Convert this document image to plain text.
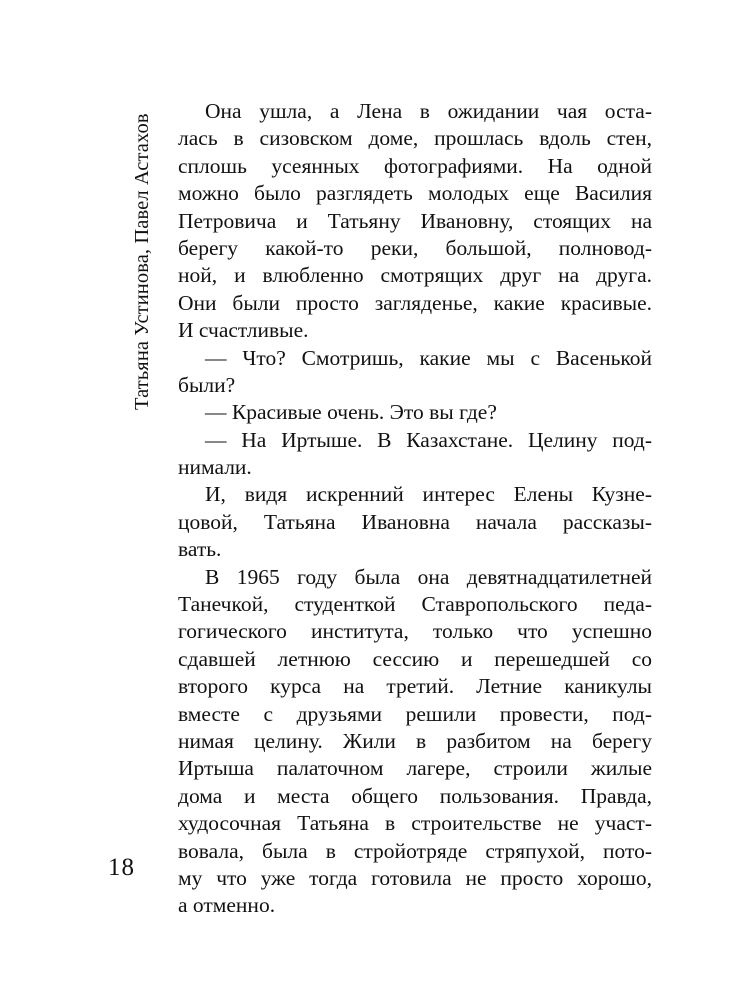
Татьяна Устинова, Павел Астахов
Она ушла, а Лена в ожидании чая оста-
лась в сизовском доме, прошлась вдоль стен,
сплошь усеянных фотографиями. На одной
можно было разглядеть молодых еще Василия
Петровича и Татьяну Ивановну, стоящих на
берегу какой-то реки, большой, полновод-
ной, и влюбленно смотрящих друг на друга.
Они были просто загляденье, какие красивые.
И счастливые.
— Что? Смотришь, какие мы с Васенькой
были?
— Красивые очень. Это вы где?
— На Иртыше. В Казахстане. Целину под-
нимали.
И, видя искренний интерес Елены Кузне-
цовой, Татьяна Ивановна начала рассказы-
вать.
В 1965 году была она девятнадцатилетней
Танечкой, студенткой Ставропольского педа-
гогического института, только что успешно
сдавшей летнюю сессию и перешедшей со
второго курса на третий. Летние каникулы
вместе с друзьями решили провести, под-
нимая целину. Жили в разбитом на берегу
Иртыша палаточном лагере, строили жилые
дома и места общего пользования. Правда,
худосочная Татьяна в строительстве не участ-
вовала, была в стройотряде стряпухой, пото-
му что уже тогда готовила не просто хорошо,
а отменно.
18
